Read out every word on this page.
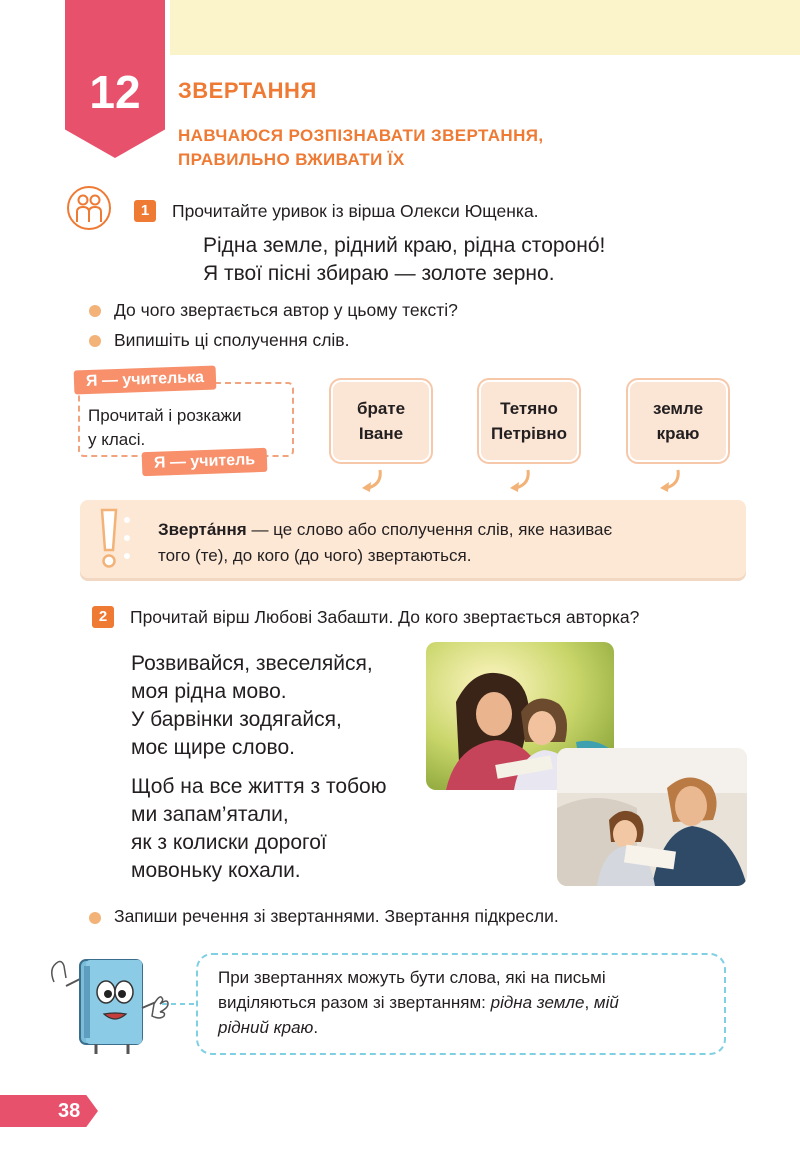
12	ЗВЕРТАННЯ
НАВЧАЮСЯ РОЗПІЗНАВАТИ ЗВЕРТАННЯ,
ПРАВИЛЬНО ВЖИВАТИ ЇХ
1	Прочитайте уривок із вірша Олекси Ющенка.
Рідна земле, рідний краю, рідна стороно́!
Я твої пісні збираю — золоте зерно.
До чого звертається автор у цьому тексті?
Випишіть ці сполучення слів.
Я — учителька
Прочитай і розкажи
у класі.
Я — учитель
брате
Іване
Тетяно
Петрівно
земле
краю
Зверта́ння — це слово або сполучення слів, яке називає
того (те), до кого (до чого) звертаються.
2	Прочитай вірш Любові Забашти. До кого звертається авторка?
Розвивайся, звеселяйся,
моя рідна мово.
У барвінки зодягайся,
моє щире слово.
Щоб на все життя з тобою
ми запам’ятали,
як з колиски дорогої
мовоньку кохали.
Запиши речення зі звертаннями. Звертання підкресли.
При звертаннях можуть бути слова, які на письмі
виділяються разом зі звертанням: рідна земле, мій
рідний краю.
38
